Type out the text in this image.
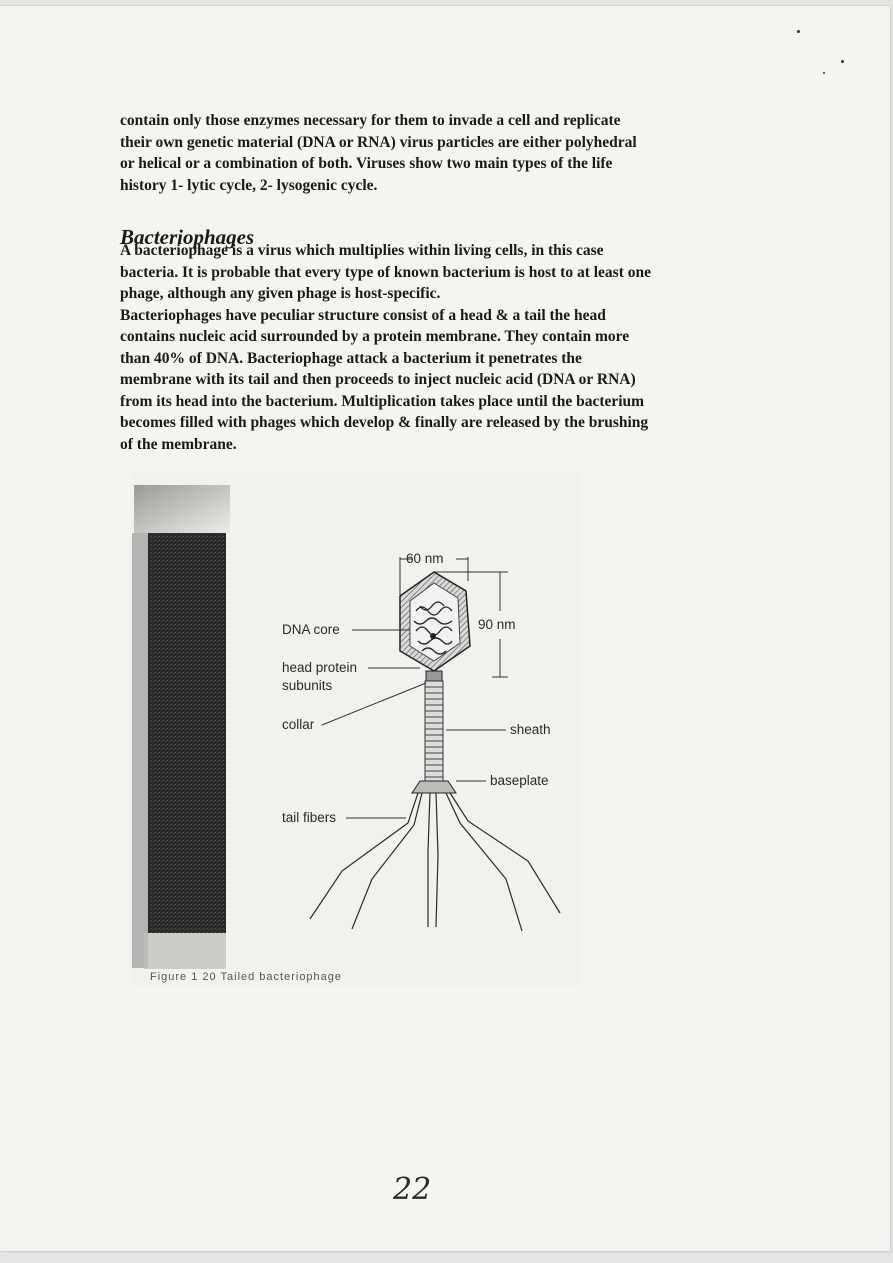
contain only those enzymes necessary for them to invade a cell and replicate

their own genetic material (DNA or RNA) virus particles are either polyhedral

or helical or a combination of both. Viruses show two main types of the life

history 1- lytic cycle, 2- lysogenic cycle.

Bacteriophages

A bacteriophage is a virus which multiplies within living cells, in this case

bacteria. It is probable that every type of known bacterium is host to at least one

phage, although any given phage is host-specific.

Bacteriophages have peculiar structure consist of a head & a tail the head

contains nucleic acid surrounded by a protein membrane. They contain more

than 40% of DNA. Bacteriophage attack a bacterium it penetrates the

membrane with its tail and then proceeds to inject nucleic acid (DNA or RNA)

from its head into the bacterium. Multiplication takes place until the bacterium

becomes filled with phages which develop & finally are released by the brushing

of the membrane.

60 nm
90 nm
DNA core
head protein
subunits
collar	sheath
baseplate
tail fibers
Figure 1 20 Tailed bacteriophage
22
